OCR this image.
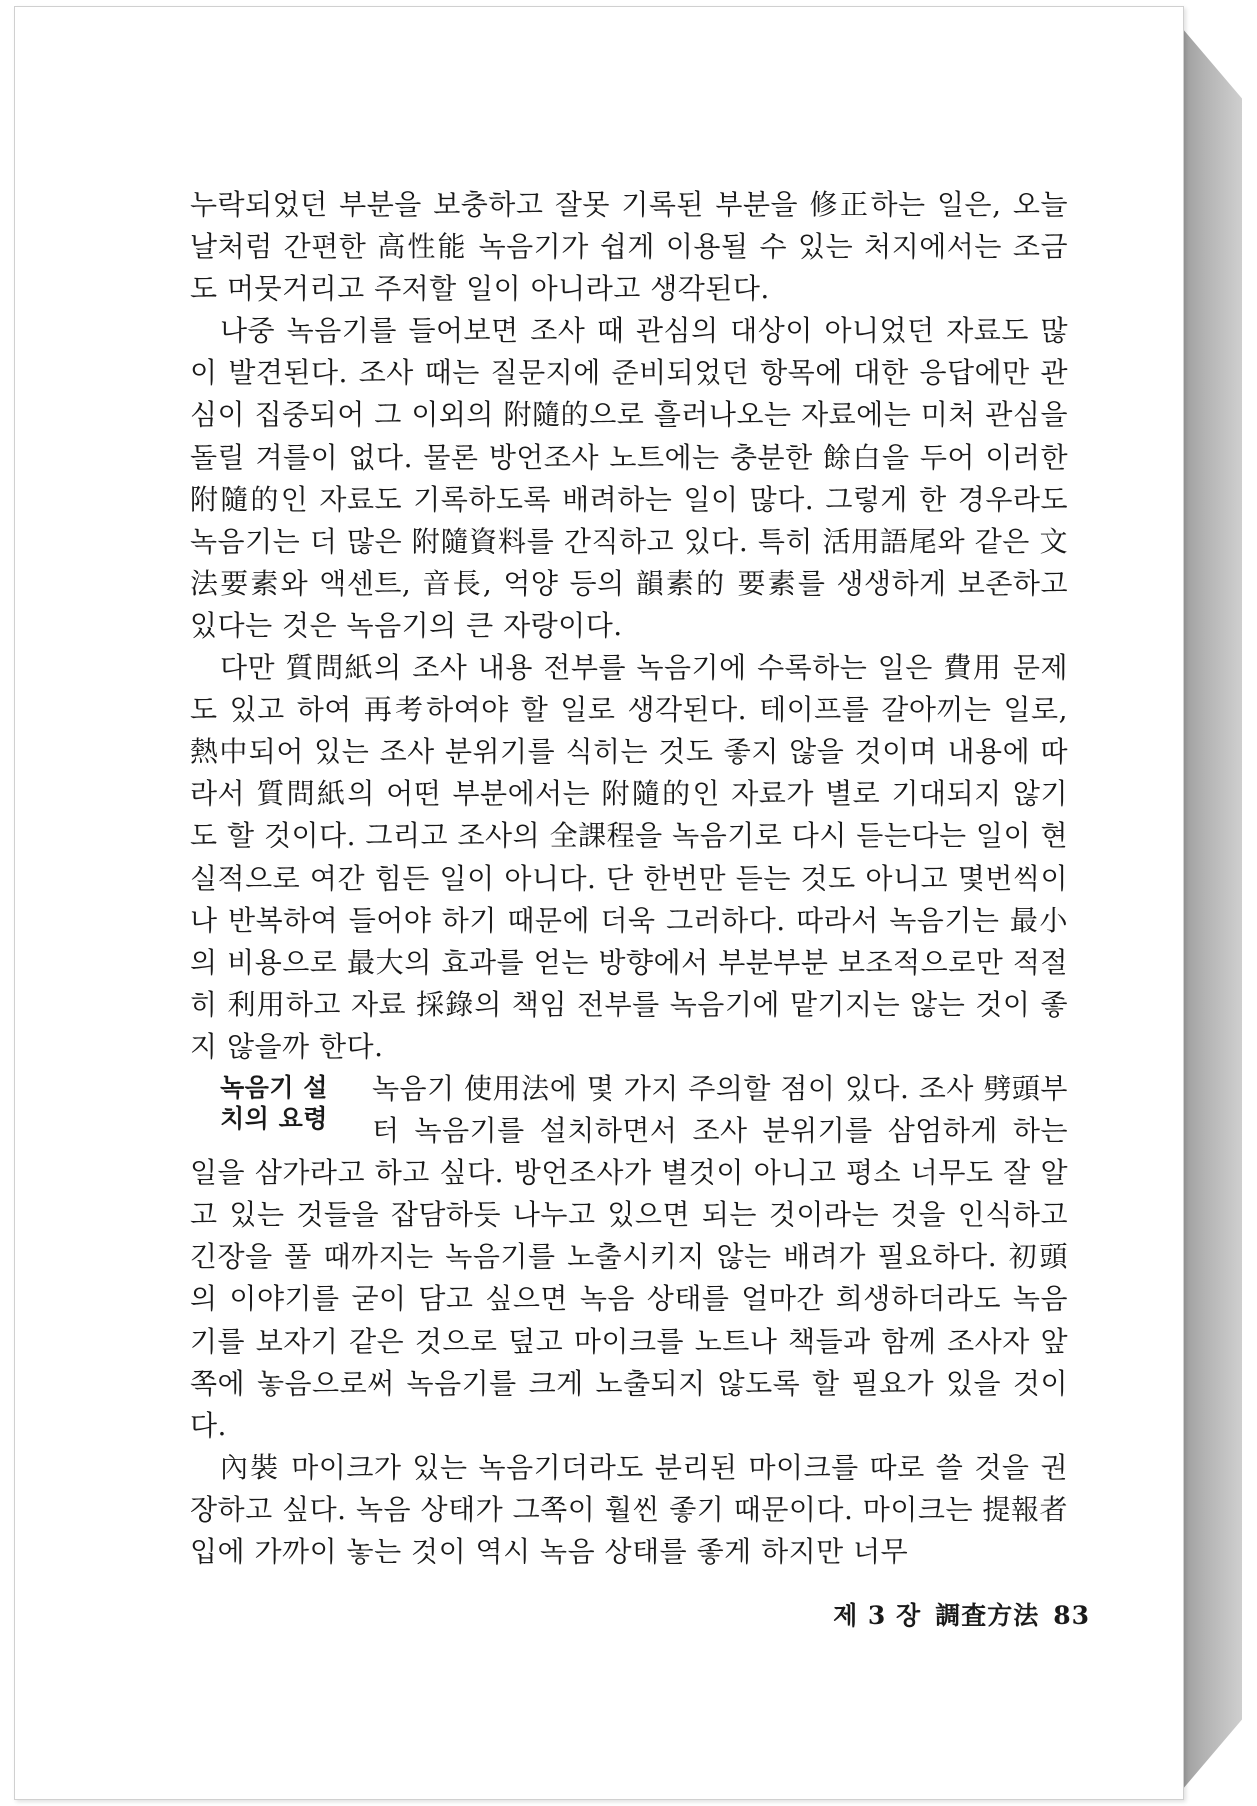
누락되었던 부분을 보충하고 잘못 기록된 부분을 修正하는 일은, 오늘날처럼 간편한 高性能 녹음기가 쉽게 이용될 수 있는 처지에서는 조금도 머뭇거리고 주저할 일이 아니라고 생각된다.

나중 녹음기를 들어보면 조사 때 관심의 대상이 아니었던 자료도 많이 발견된다. 조사 때는 질문지에 준비되었던 항목에 대한 응답에만 관심이 집중되어 그 이외의 附隨的으로 흘러나오는 자료에는 미처 관심을 돌릴 겨를이 없다. 물론 방언조사 노트에는 충분한 餘白을 두어 이러한 附隨的인 자료도 기록하도록 배려하는 일이 많다. 그렇게 한 경우라도 녹음기는 더 많은 附隨資料를 간직하고 있다. 특히 活用語尾와 같은 文法要素와 액센트, 音長, 억양 등의 韻素的 要素를 생생하게 보존하고 있다는 것은 녹음기의 큰 자랑이다.

다만 質問紙의 조사 내용 전부를 녹음기에 수록하는 일은 費用 문제도 있고 하여 再考하여야 할 일로 생각된다. 테이프를 갈아끼는 일로, 熱中되어 있는 조사 분위기를 식히는 것도 좋지 않을 것이며 내용에 따라서 質問紙의 어떤 부분에서는 附隨的인 자료가 별로 기대되지 않기도 할 것이다. 그리고 조사의 全課程을 녹음기로 다시 듣는다는 일이 현실적으로 여간 힘든 일이 아니다. 단 한번만 듣는 것도 아니고 몇번씩이나 반복하여 들어야 하기 때문에 더욱 그러하다. 따라서 녹음기는 最小의 비용으로 最大의 효과를 얻는 방향에서 부분부분 보조적으로만 적절히 利用하고 자료 採錄의 책임 전부를 녹음기에 맡기지는 않는 것이 좋지 않을까 한다.

녹음기 설
치의 요령
녹음기 使用法에 몇 가지 주의할 점이 있다. 조사 劈頭부터 녹음기를 설치하면서 조사 분위기를 삼엄하게 하는 일을 삼가라고 하고 싶다. 방언조사가 별것이 아니고 평소 너무도 잘 알고 있는 것들을 잡담하듯 나누고 있으면 되는 것이라는 것을 인식하고 긴장을 풀 때까지는 녹음기를 노출시키지 않는 배려가 필요하다. 初頭의 이야기를 굳이 담고 싶으면 녹음 상태를 얼마간 희생하더라도 녹음기를 보자기 같은 것으로 덮고 마이크를 노트나 책들과 함께 조사자 앞쪽에 놓음으로써 녹음기를 크게 노출되지 않도록 할 필요가 있을 것이다.

內裝 마이크가 있는 녹음기더라도 분리된 마이크를 따로 쓸 것을 권장하고 싶다. 녹음 상태가 그쪽이 훨씬 좋기 때문이다. 마이크는 提報者 입에 가까이 놓는 것이 역시 녹음 상태를 좋게 하지만 너무

제 3 장 調査方法 83
